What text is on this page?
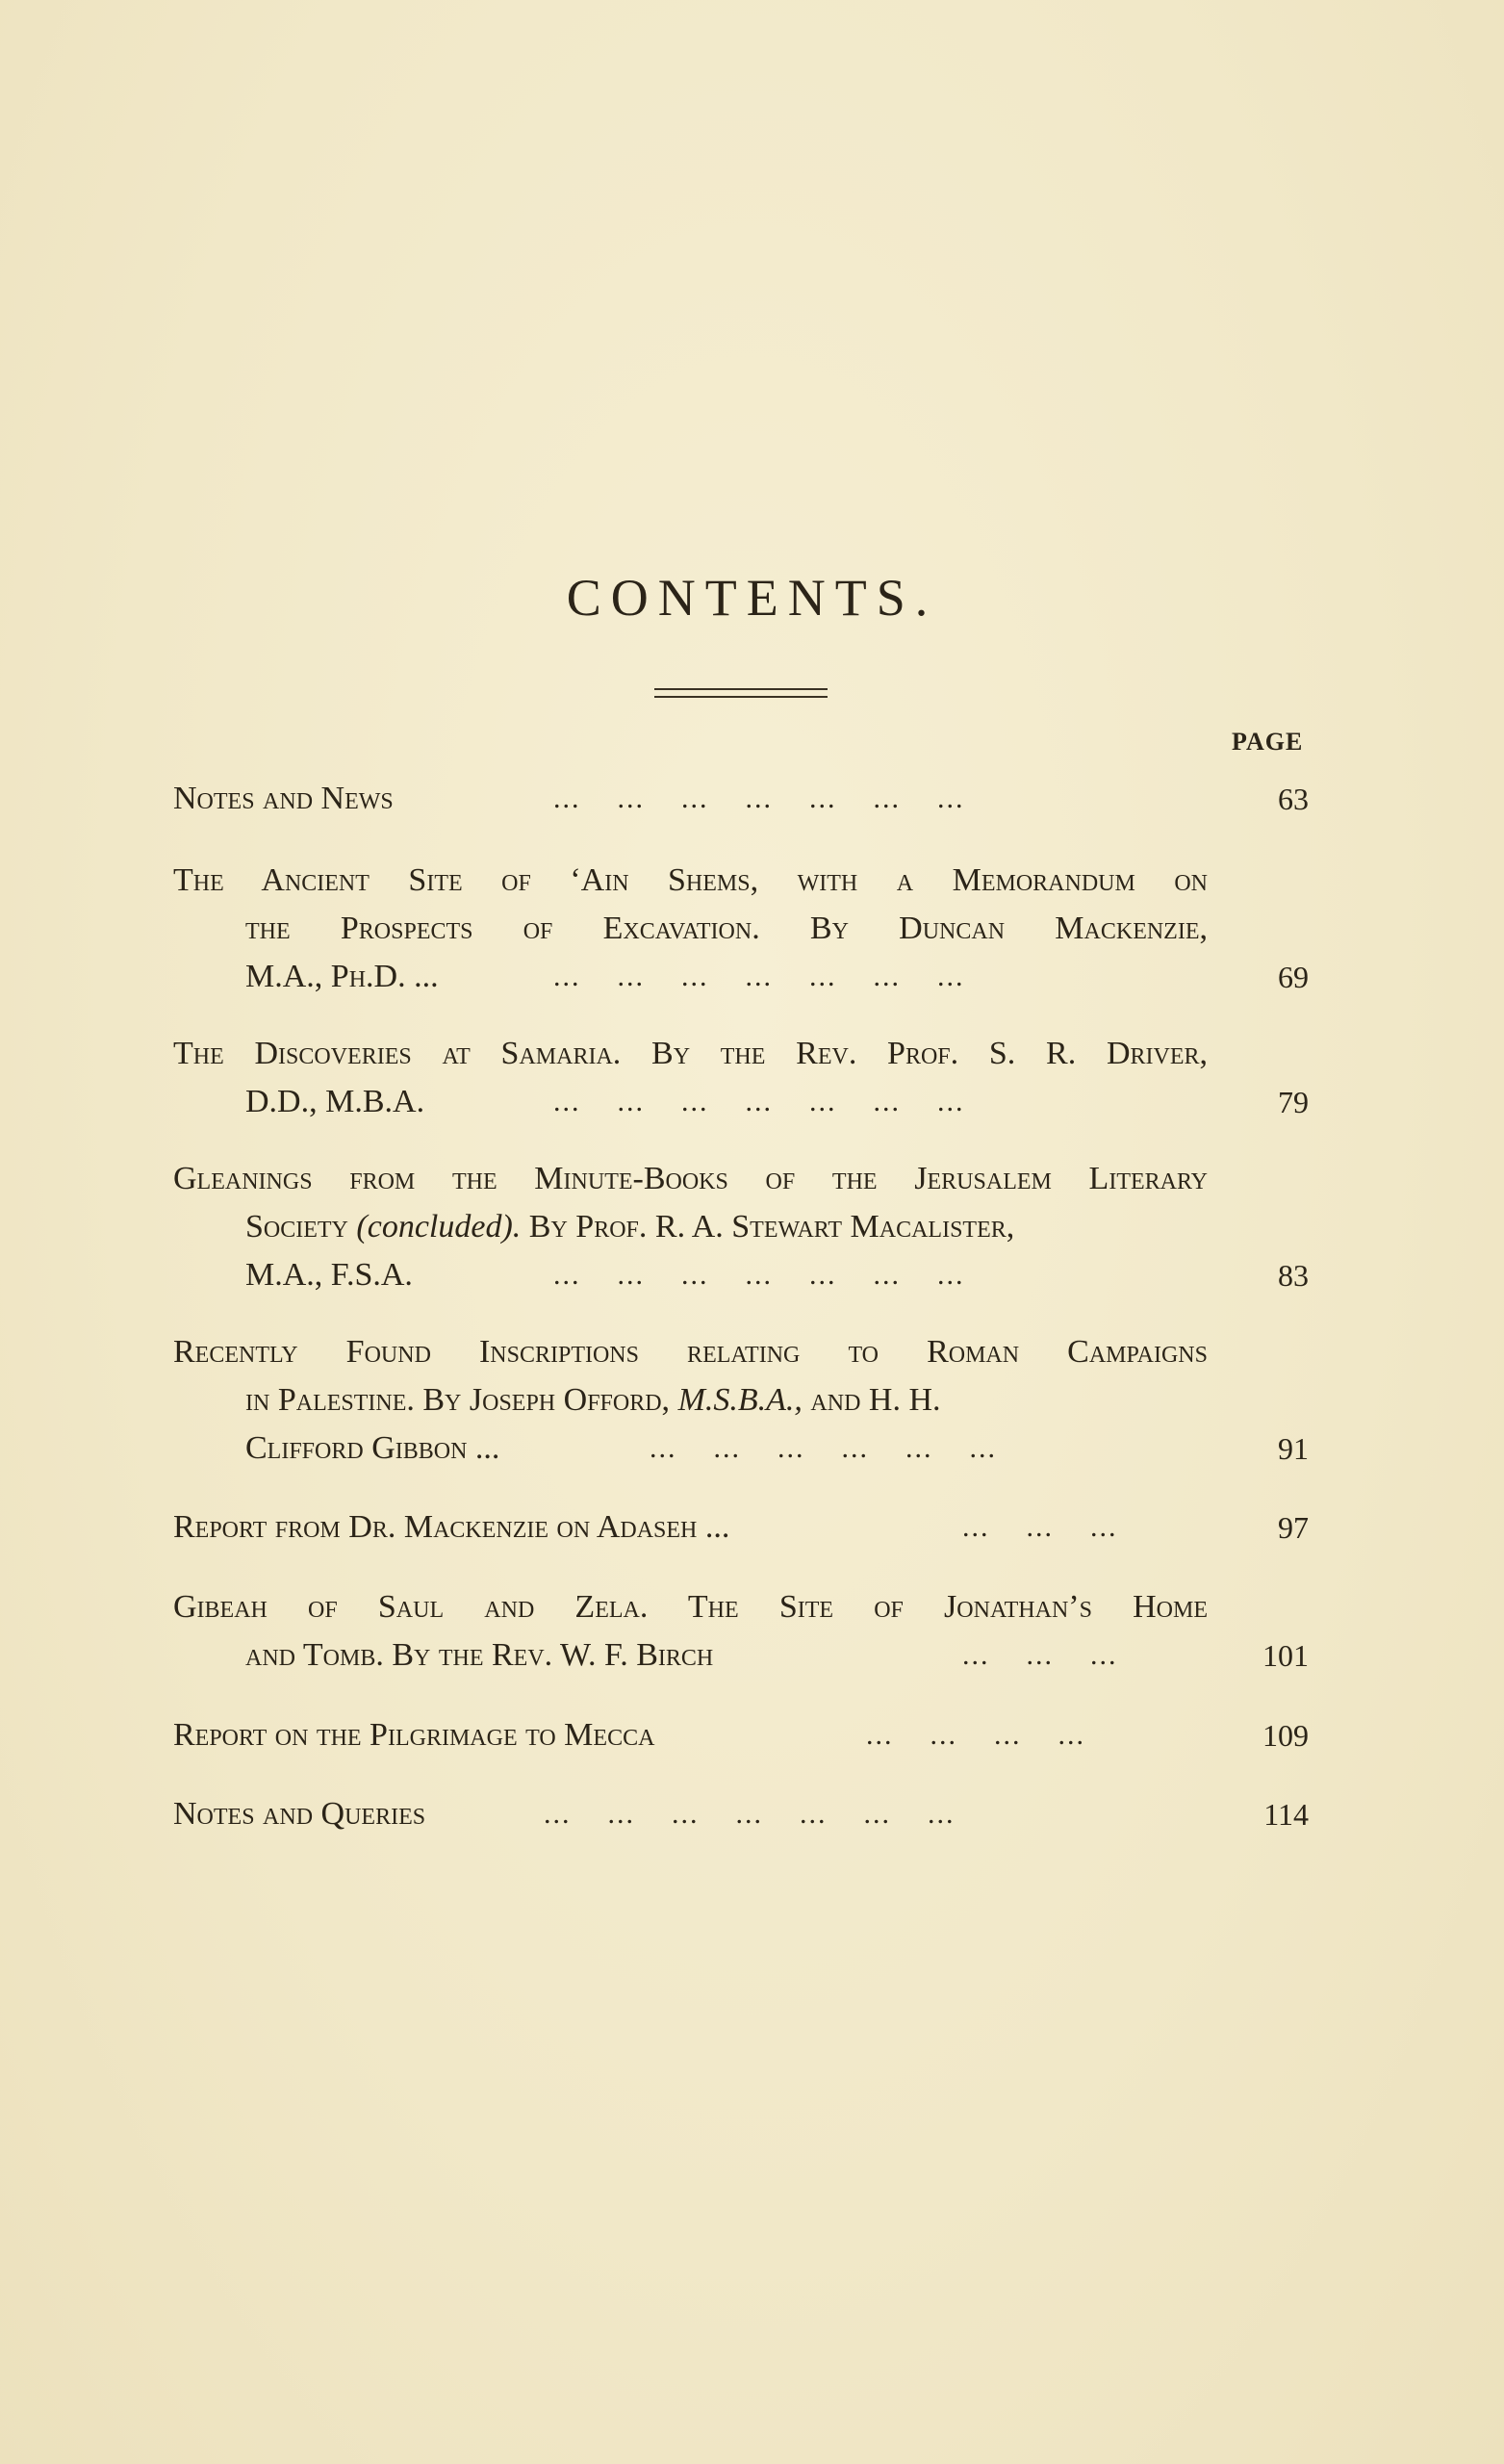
CONTENTS.
PAGE
Notes and News	...    ...    ...    ...    ...    ...    ...	63
The Ancient Site of ‘Ain Shems, with a Memorandum on
the Prospects of Excavation. By Duncan Mackenzie,
M.A., Ph.D. ...	...    ...    ...    ...    ...    ...    ...	69
The Discoveries at Samaria. By the Rev. Prof. S. R. Driver,
D.D., M.B.A.	...    ...    ...    ...    ...    ...    ...	79
Gleanings from the Minute-Books of the Jerusalem Literary
Society (concluded). By Prof. R. A. Stewart Macalister,
M.A., F.S.A.	...    ...    ...    ...    ...    ...    ...	83
Recently Found Inscriptions relating to Roman Campaigns
in Palestine. By Joseph Offord, M.S.B.A., and H. H.
Clifford Gibbon ...	...    ...    ...    ...    ...    ...	91
Report from Dr. Mackenzie on Adaseh ...	...    ...    ...	97
Gibeah of Saul and Zela. The Site of Jonathan’s Home
and Tomb. By the Rev. W. F. Birch	...    ...    ...	101
Report on the Pilgrimage to Mecca	...    ...    ...    ...	109
Notes and Queries	...    ...    ...    ...    ...    ...    ...	114
